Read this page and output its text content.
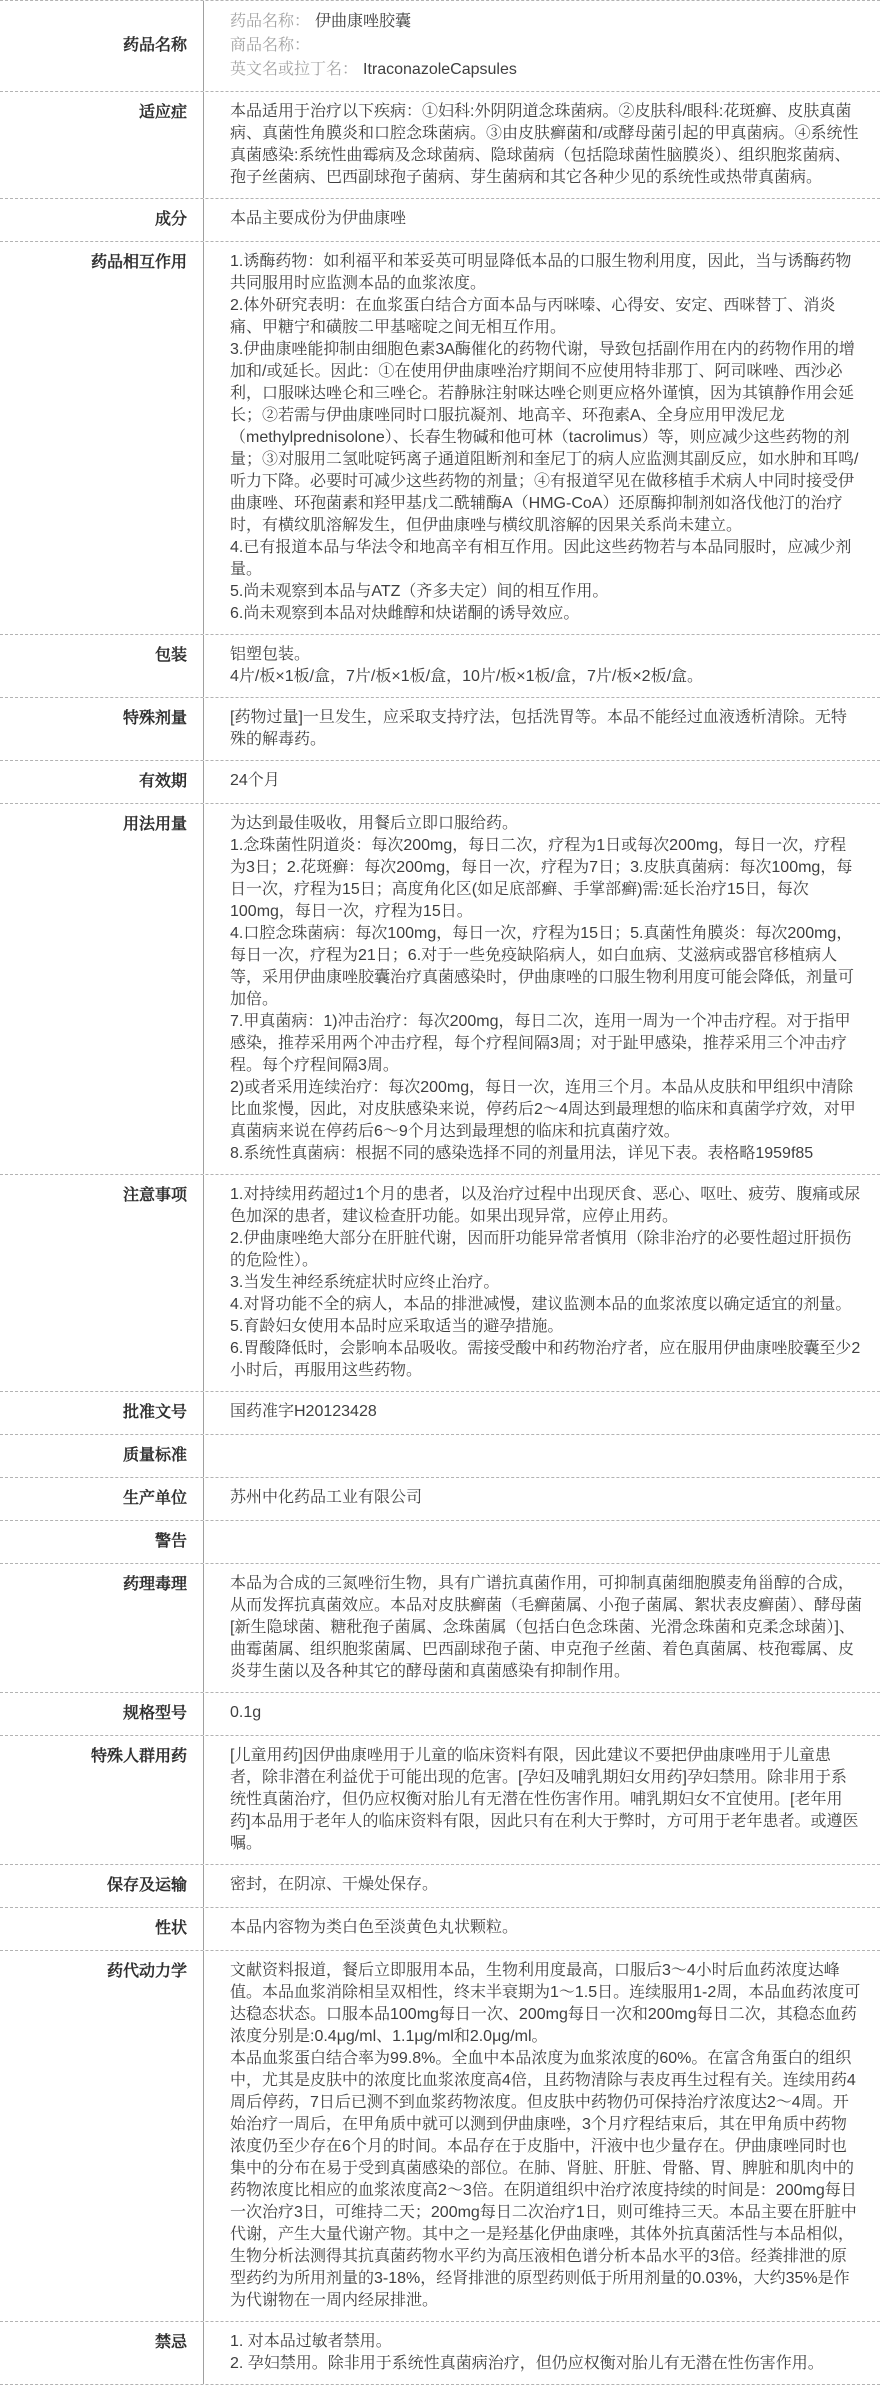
药品名称

药品名称： 伊曲康唑胶囊

商品名称：

英文名或拉丁名： ItraconazoleCapsules

适应症	本品适用于治疗以下疾病：①妇科:外阴阴道念珠菌病。②皮肤科/眼科:花斑癣、皮肤真菌病、真菌性角膜炎和口腔念珠菌病。③由皮肤癣菌和/或酵母菌引起的甲真菌病。④系统性真菌感染:系统性曲霉病及念球菌病、隐球菌病（包括隐球菌性脑膜炎）、组织胞浆菌病、孢子丝菌病、巴西副球孢子菌病、芽生菌病和其它各种少见的系统性或热带真菌病。

成分	本品主要成份为伊曲康唑

药品相互作用	1.诱酶药物：如利福平和苯妥英可明显降低本品的口服生物利用度，因此，当与诱酶药物共同服用时应监测本品的血浆浓度。

2.体外研究表明：在血浆蛋白结合方面本品与丙咪嗪、心得安、安定、西咪替丁、消炎痛、甲糖宁和磺胺二甲基嘧啶之间无相互作用。

3.伊曲康唑能抑制由细胞色素3A酶催化的药物代谢，导致包括副作用在内的药物作用的增加和/或延长。因此：①在使用伊曲康唑治疗期间不应使用特非那丁、阿司咪唑、西沙必利，口服咪达唑仑和三唑仑。若静脉注射咪达唑仑则更应格外谨慎，因为其镇静作用会延长；②若需与伊曲康唑同时口服抗凝剂、地高辛、环孢素A、全身应用甲泼尼龙（methylprednisolone）、长春生物碱和他可林（tacrolimus）等，则应减少这些药物的剂量；③对服用二氢吡啶钙离子通道阻断剂和奎尼丁的病人应监测其副反应，如水肿和耳鸣/听力下降。必要时可减少这些药物的剂量；④有报道罕见在做移植手术病人中同时接受伊曲康唑、环孢菌素和羟甲基戊二酰辅酶A（HMG-CoA）还原酶抑制剂如洛伐他汀的治疗时，有横纹肌溶解发生，但伊曲康唑与横纹肌溶解的因果关系尚未建立。

4.已有报道本品与华法令和地高辛有相互作用。因此这些药物若与本品同服时，应减少剂量。

5.尚未观察到本品与ATZ（齐多夫定）间的相互作用。

6.尚未观察到本品对炔雌醇和炔诺酮的诱导效应。

包装	铝塑包装。

4片/板×1板/盒，7片/板×1板/盒，10片/板×1板/盒，7片/板×2板/盒。

特殊剂量	[药物过量]一旦发生，应采取支持疗法，包括洗胃等。本品不能经过血液透析清除。无特殊的解毒药。

有效期	24个月

用法用量	为达到最佳吸收，用餐后立即口服给药。

1.念珠菌性阴道炎：每次200mg，每日二次，疗程为1日或每次200mg，每日一次，疗程为3日；2.花斑癣：每次200mg，每日一次，疗程为7日；3.皮肤真菌病：每次100mg，每日一次，疗程为15日；高度角化区(如足底部癣、手掌部癣)需:延长治疗15日，每次100mg，每日一次，疗程为15日。

4.口腔念珠菌病：每次100mg，每日一次，疗程为15日；5.真菌性角膜炎：每次200mg，每日一次，疗程为21日；6.对于一些免疫缺陷病人，如白血病、艾滋病或器官移植病人等，采用伊曲康唑胶囊治疗真菌感染时，伊曲康唑的口服生物利用度可能会降低，剂量可加倍。

7.甲真菌病：1)冲击治疗：每次200mg，每日二次，连用一周为一个冲击疗程。对于指甲感染，推荐采用两个冲击疗程，每个疗程间隔3周；对于趾甲感染，推荐采用三个冲击疗程。每个疗程间隔3周。

2)或者采用连续治疗：每次200mg，每日一次，连用三个月。本品从皮肤和甲组织中清除比血浆慢，因此，对皮肤感染来说，停药后2～4周达到最理想的临床和真菌学疗效，对甲真菌病来说在停药后6～9个月达到最理想的临床和抗真菌疗效。

8.系统性真菌病：根据不同的感染选择不同的剂量用法，详见下表。表格略1959f85

注意事项	1.对持续用药超过1个月的患者，以及治疗过程中出现厌食、恶心、呕吐、疲劳、腹痛或尿色加深的患者，建议检查肝功能。如果出现异常，应停止用药。

2.伊曲康唑绝大部分在肝脏代谢，因而肝功能异常者慎用（除非治疗的必要性超过肝损伤的危险性）。

3.当发生神经系统症状时应终止治疗。

4.对肾功能不全的病人，本品的排泄减慢，建议监测本品的血浆浓度以确定适宜的剂量。

5.育龄妇女使用本品时应采取适当的避孕措施。

6.胃酸降低时，会影响本品吸收。需接受酸中和药物治疗者，应在服用伊曲康唑胶囊至少2小时后，再服用这些药物。

批准文号	国药准字H20123428

质量标准
生产单位	苏州中化药品工业有限公司

警告
药理毒理	本品为合成的三氮唑衍生物，具有广谱抗真菌作用，可抑制真菌细胞膜麦角甾醇的合成，从而发挥抗真菌效应。本品对皮肤癣菌（毛癣菌属、小孢子菌属、絮状表皮癣菌）、酵母菌[新生隐球菌、糖秕孢子菌属、念珠菌属（包括白色念珠菌、光滑念珠菌和克柔念球菌）]、曲霉菌属、组织胞浆菌属、巴西副球孢子菌、申克孢子丝菌、着色真菌属、枝孢霉属、皮炎芽生菌以及各种其它的酵母菌和真菌感染有抑制作用。

规格型号	0.1g

特殊人群用药	[儿童用药]因伊曲康唑用于儿童的临床资料有限，因此建议不要把伊曲康唑用于儿童患者，除非潜在利益优于可能出现的危害。[孕妇及哺乳期妇女用药]孕妇禁用。除非用于系统性真菌治疗，但仍应权衡对胎儿有无潜在性伤害作用。哺乳期妇女不宜使用。[老年用药]本品用于老年人的临床资料有限，因此只有在利大于弊时，方可用于老年患者。或遵医嘱。

保存及运输	密封，在阴凉、干燥处保存。

性状	本品内容物为类白色至淡黄色丸状颗粒。

药代动力学	文献资料报道，餐后立即服用本品，生物利用度最高，口服后3～4小时后血药浓度达峰值。本品血浆消除相呈双相性，终末半衰期为1～1.5日。连续服用1-2周，本品血药浓度可达稳态状态。口服本品100mg每日一次、200mg每日一次和200mg每日二次，其稳态血药浓度分别是:0.4μg/ml、1.1μg/ml和2.0μg/ml。

本品血浆蛋白结合率为99.8%。全血中本品浓度为血浆浓度的60%。在富含角蛋白的组织中，尤其是皮肤中的浓度比血浆浓度高4倍，且药物清除与表皮再生过程有关。连续用药4周后停药，7日后已测不到血浆药物浓度。但皮肤中药物仍可保持治疗浓度达2～4周。开始治疗一周后，在甲角质中就可以测到伊曲康唑，3个月疗程结束后，其在甲角质中药物浓度仍至少存在6个月的时间。本品存在于皮脂中，汗液中也少量存在。伊曲康唑同时也集中的分布在易于受到真菌感染的部位。在肺、肾脏、肝脏、骨骼、胃、脾脏和肌肉中的药物浓度比相应的血浆浓度高2～3倍。在阴道组织中治疗浓度持续的时间是：200mg每日一次治疗3日，可维持二天；200mg每日二次治疗1日，则可维持三天。本品主要在肝脏中代谢，产生大量代谢产物。其中之一是羟基化伊曲康唑，其体外抗真菌活性与本品相似，生物分析法测得其抗真菌药物水平约为高压液相色谱分析本品水平的3倍。经粪排泄的原型药约为所用剂量的3-18%，经肾排泄的原型药则低于所用剂量的0.03%，大约35%是作为代谢物在一周内经尿排泄。

禁忌	1. 对本品过敏者禁用。

2. 孕妇禁用。除非用于系统性真菌病治疗，但仍应权衡对胎儿有无潜在性伤害作用。
